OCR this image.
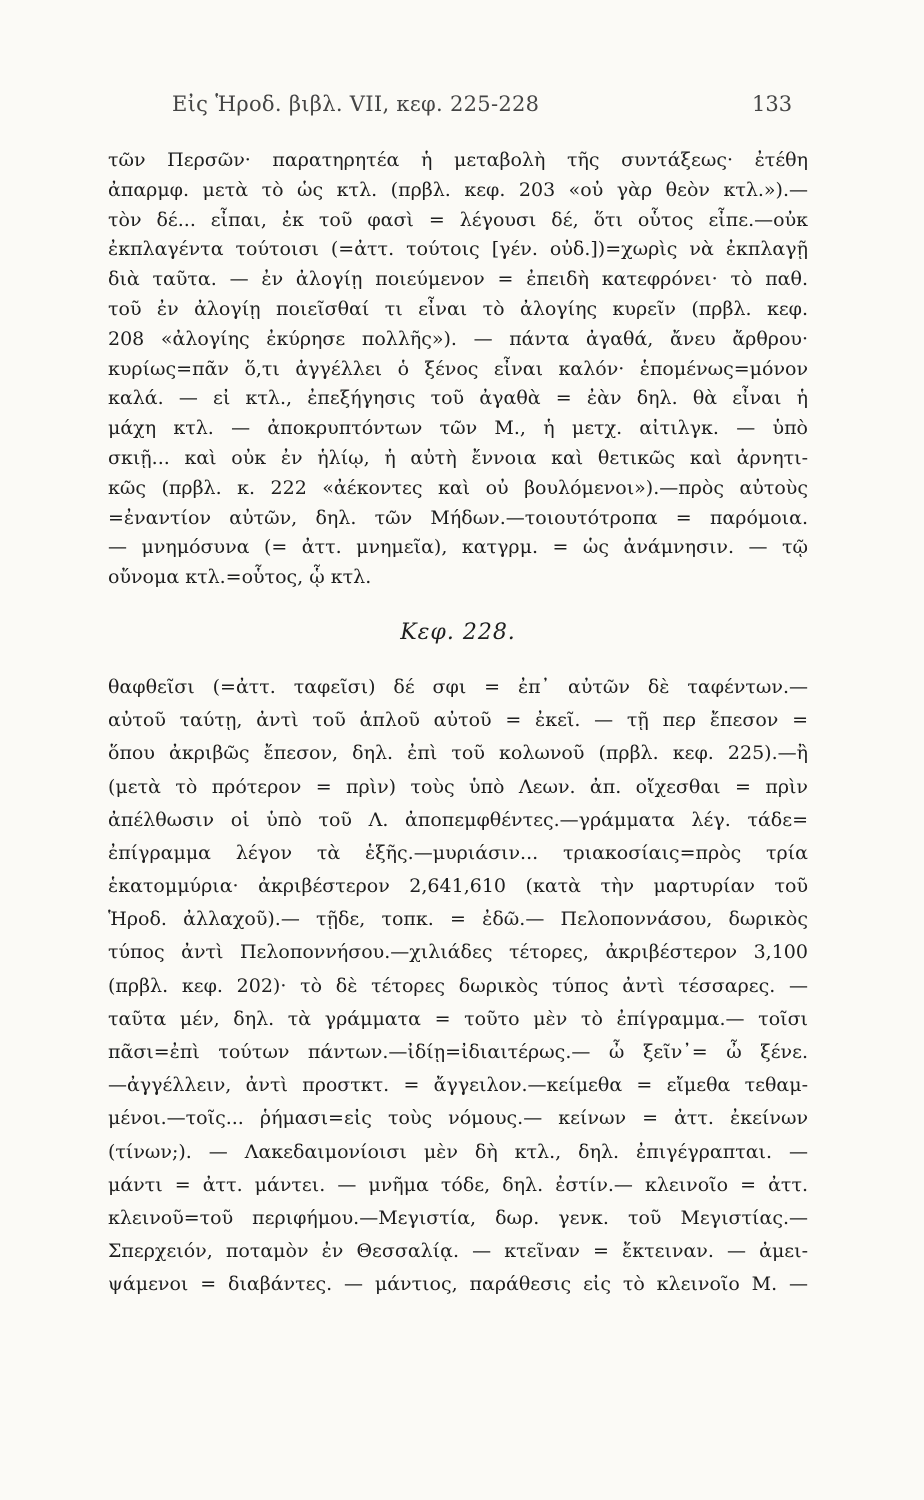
Εἰς Ἡροδ. βιβλ. VII, κεφ. 225-228	133
τῶν Περσῶν· παρατηρητέα ἡ μεταβολὴ τῆς συντάξεως· ἐτέθη
ἀπαρμφ. μετὰ τὸ ὡς κτλ. (πρβλ. κεφ. 203 «οὐ γὰρ θεὸν κτλ.»).—
τὸν δέ... εἶπαι, ἐκ τοῦ φασὶ = λέγουσι δέ, ὅτι οὗτος εἶπε.—οὐκ
ἐκπλαγέντα τούτοισι (=ἀττ. τούτοις [γέν. οὐδ.])=χωρὶς νὰ ἐκπλαγῇ
διὰ ταῦτα. — ἐν ἀλογίῃ ποιεύμενον = ἐπειδὴ κατεφρόνει· τὸ παθ.
τοῦ ἐν ἀλογίῃ ποιεῖσθαί τι εἶναι τὸ ἀλογίης κυρεῖν (πρβλ. κεφ.
208 «ἀλογίης ἐκύρησε πολλῆς»). — πάντα ἀγαθά, ἄνευ ἄρθρου·
κυρίως=πᾶν ὅ,τι ἀγγέλλει ὁ ξένος εἶναι καλόν· ἑπομένως=μόνον
καλά. — εἰ κτλ., ἐπεξήγησις τοῦ ἀγαθὰ = ἐὰν δηλ. θὰ εἶναι ἡ
μάχη κτλ. — ἀποκρυπτόντων τῶν Μ., ἡ μετχ. αἰτιλγκ. — ὑπὸ
σκιῇ... καὶ οὐκ ἐν ἡλίῳ, ἡ αὐτὴ ἔννοια καὶ θετικῶς καὶ ἀρνητι-
κῶς (πρβλ. κ. 222 «ἀέκοντες καὶ οὐ βουλόμενοι»).—πρὸς αὐτοὺς
=ἐναντίον αὐτῶν, δηλ. τῶν Μήδων.—τοιουτότροπα = παρόμοια.
— μνημόσυνα (= ἀττ. μνημεῖα), κατγρμ. = ὡς ἀνάμνησιν. — τῷ
οὔνομα κτλ.=οὗτος, ᾧ κτλ.
Κεφ. 228.
θαφθεῖσι (=ἀττ. ταφεῖσι) δέ σφι = ἐπ᾽ αὐτῶν δὲ ταφέντων.—
αὐτοῦ ταύτῃ, ἀντὶ τοῦ ἁπλοῦ αὐτοῦ = ἐκεῖ. — τῇ περ ἔπεσον =
ὅπου ἀκριβῶς ἔπεσον, δηλ. ἐπὶ τοῦ κολωνοῦ (πρβλ. κεφ. 225).—ἢ
(μετὰ τὸ πρότερον = πρὶν) τοὺς ὑπὸ Λεων. ἀπ. οἴχεσθαι = πρὶν
ἀπέλθωσιν οἱ ὑπὸ τοῦ Λ. ἀποπεμφθέντες.—γράμματα λέγ. τάδε=
ἐπίγραμμα λέγον τὰ ἑξῆς.—μυριάσιν... τριακοσίαις=πρὸς τρία
ἑκατομμύρια· ἀκριβέστερον 2,641,610 (κατὰ τὴν μαρτυρίαν τοῦ
Ἡροδ. ἀλλαχοῦ).— τῇδε, τοπκ. = ἐδῶ.— Πελοποννάσου, δωρικὸς
τύπος ἀντὶ Πελοποννήσου.—χιλιάδες τέτορες, ἀκριβέστερον 3,100
(πρβλ. κεφ. 202)· τὸ δὲ τέτορες δωρικὸς τύπος ἀντὶ τέσσαρες. —
ταῦτα μέν, δηλ. τὰ γράμματα = τοῦτο μὲν τὸ ἐπίγραμμα.— τοῖσι
πᾶσι=ἐπὶ τούτων πάντων.—ἰδίῃ=ἰδιαιτέρως.— ὦ ξεῖν᾽= ὦ ξένε.
—ἀγγέλλειν, ἀντὶ προστκτ. = ἄγγειλον.—κείμεθα = εἴμεθα τεθαμ-
μένοι.—τοῖς... ῥήμασι=εἰς τοὺς νόμους.— κείνων = ἀττ. ἐκείνων
(τίνων;). — Λακεδαιμονίοισι μὲν δὴ κτλ., δηλ. ἐπιγέγραπται. —
μάντι = ἀττ. μάντει. — μνῆμα τόδε, δηλ. ἐστίν.— κλεινοῖο = ἀττ.
κλεινοῦ=τοῦ περιφήμου.—Μεγιστία, δωρ. γενκ. τοῦ Μεγιστίας.—
Σπερχειόν, ποταμὸν ἐν Θεσσαλίᾳ. — κτεῖναν = ἔκτειναν. — ἀμει-
ψάμενοι = διαβάντες. — μάντιος, παράθεσις εἰς τὸ κλεινοῖο Μ. —
